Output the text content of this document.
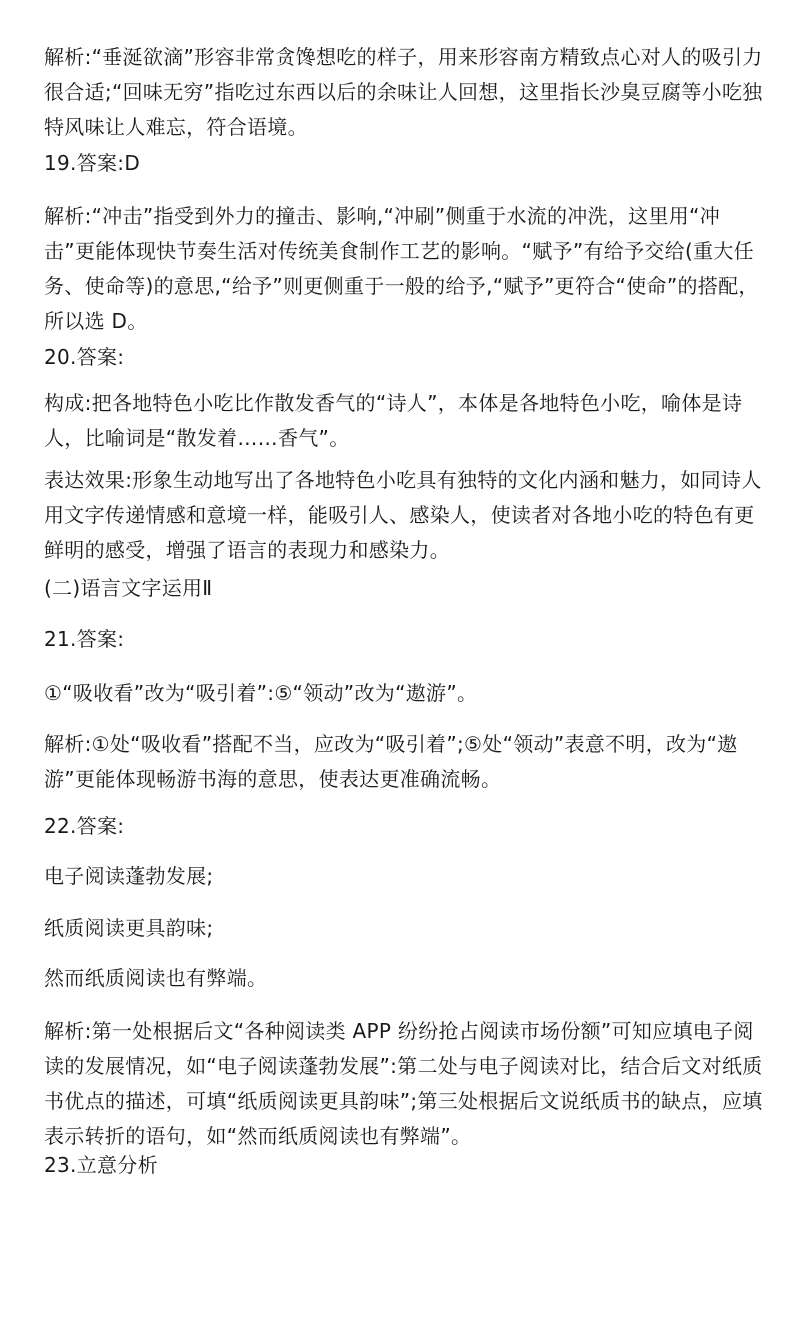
解析:“垂涎欲滴”形容非常贪馋想吃的样子，用来形容南方精致点心对人的吸引力很合适;“回味无穷”指吃过东西以后的余味让人回想，这里指长沙臭豆腐等小吃独特风味让人难忘，符合语境。

19.答案:D

解析:“冲击”指受到外力的撞击、影响,“冲刷”侧重于水流的冲洗，这里用“冲击”更能体现快节奏生活对传统美食制作工艺的影响。“赋予”有给予交给(重大任务、使命等)的意思,“给予”则更侧重于一般的给予,“赋予”更符合“使命”的搭配，所以选 D。

20.答案:

构成:把各地特色小吃比作散发香气的“诗人”，本体是各地特色小吃，喻体是诗人，比喻词是“散发着……香气”。

表达效果:形象生动地写出了各地特色小吃具有独特的文化内涵和魅力，如同诗人用文字传递情感和意境一样，能吸引人、感染人，使读者对各地小吃的特色有更鲜明的感受，增强了语言的表现力和感染力。

(二)语言文字运用Ⅱ

21.答案:

①“吸收看”改为“吸引着”:⑤“领动”改为“遨游”。

解析:①处“吸收看”搭配不当，应改为“吸引着”;⑤处“领动”表意不明，改为“遨游”更能体现畅游书海的意思，使表达更准确流畅。

22.答案:

电子阅读蓬勃发展;

纸质阅读更具韵味;

然而纸质阅读也有弊端。

解析:第一处根据后文“各种阅读类 APP 纷纷抢占阅读市场份额”可知应填电子阅读的发展情况，如“电子阅读蓬勃发展”:第二处与电子阅读对比，结合后文对纸质书优点的描述，可填“纸质阅读更具韵味”;第三处根据后文说纸质书的缺点，应填表示转折的语句，如“然而纸质阅读也有弊端”。

23.立意分析
